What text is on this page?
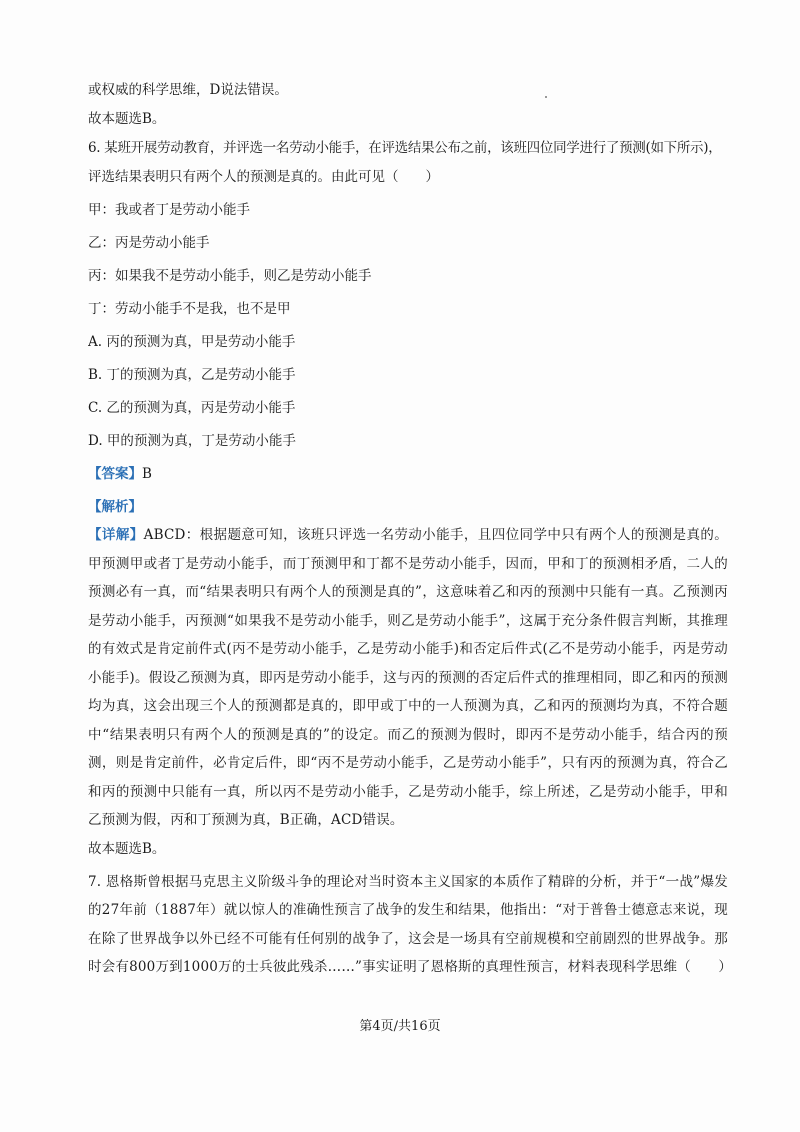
或权威的科学思维，D说法错误。

故本题选B。

6. 某班开展劳动教育，并评选一名劳动小能手，在评选结果公布之前，该班四位同学进行了预测(如下所示)，

评选结果表明只有两个人的预测是真的。由此可见（　　）

甲：我或者丁是劳动小能手

乙：丙是劳动小能手

丙：如果我不是劳动小能手，则乙是劳动小能手

丁：劳动小能手不是我，也不是甲

A. 丙的预测为真，甲是劳动小能手

B. 丁的预测为真，乙是劳动小能手

C. 乙的预测为真，丙是劳动小能手

D. 甲的预测为真，丁是劳动小能手

【答案】B

【解析】

【详解】ABCD：根据题意可知，该班只评选一名劳动小能手，且四位同学中只有两个人的预测是真的。甲预测甲或者丁是劳动小能手，而丁预测甲和丁都不是劳动小能手，因而，甲和丁的预测相矛盾，二人的预测必有一真，而“结果表明只有两个人的预测是真的”，这意味着乙和丙的预测中只能有一真。乙预测丙是劳动小能手，丙预测“如果我不是劳动小能手，则乙是劳动小能手”，这属于充分条件假言判断，其推理的有效式是肯定前件式(丙不是劳动小能手，乙是劳动小能手)和否定后件式(乙不是劳动小能手，丙是劳动小能手)。假设乙预测为真，即丙是劳动小能手，这与丙的预测的否定后件式的推理相同，即乙和丙的预测均为真，这会出现三个人的预测都是真的，即甲或丁中的一人预测为真，乙和丙的预测均为真，不符合题中“结果表明只有两个人的预测是真的”的设定。而乙的预测为假时，即丙不是劳动小能手，结合丙的预测，则是肯定前件，必肯定后件，即“丙不是劳动小能手，乙是劳动小能手”，只有丙的预测为真，符合乙和丙的预测中只能有一真，所以丙不是劳动小能手，乙是劳动小能手，综上所述，乙是劳动小能手，甲和乙预测为假，丙和丁预测为真，B正确，ACD错误。

故本题选B。

7. 恩格斯曾根据马克思主义阶级斗争的理论对当时资本主义国家的本质作了精辟的分析，并于“一战”爆发的27年前（1887年）就以惊人的准确性预言了战争的发生和结果，他指出：“对于普鲁士德意志来说，现在除了世界战争以外已经不可能有任何别的战争了，这会是一场具有空前规模和空前剧烈的世界战争。那时会有800万到1000万的士兵彼此残杀……”事实证明了恩格斯的真理性预言，材料表现科学思维（　　）

第4页/共16页
